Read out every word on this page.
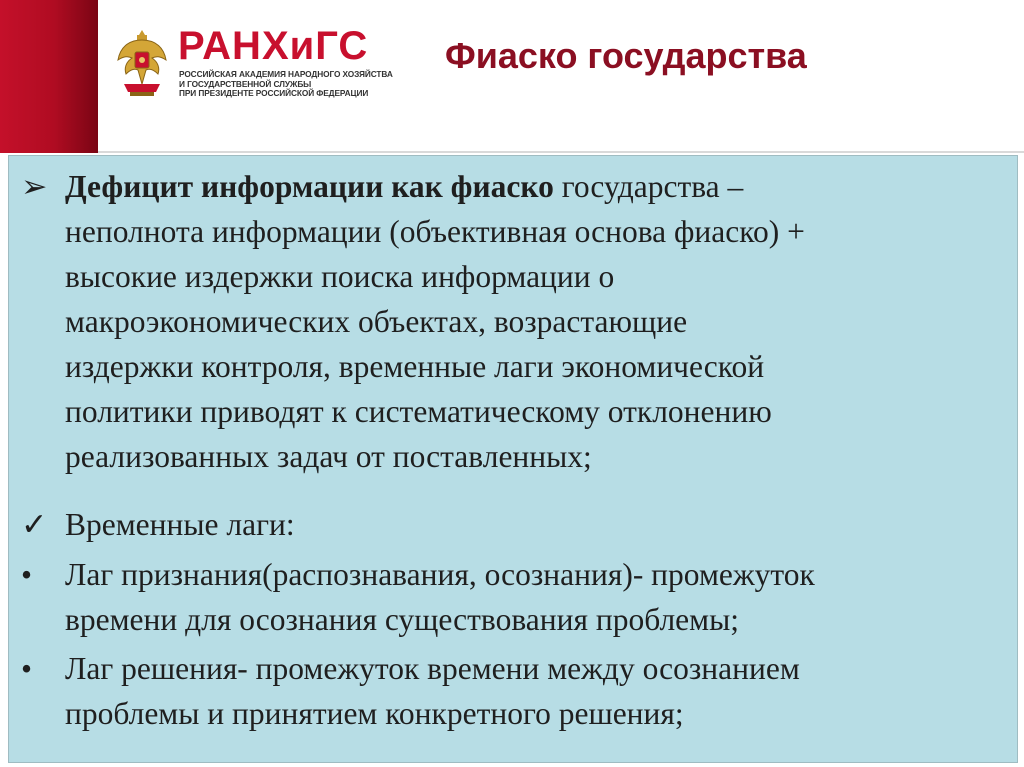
РАНХиГС
РОССИЙСКАЯ АКАДЕМИЯ НАРОДНОГО ХОЗЯЙСТВА
И ГОСУДАРСТВЕННОЙ СЛУЖБЫ
ПРИ ПРЕЗИДЕНТЕ РОССИЙСКОЙ ФЕДЕРАЦИИ
Фиаско государства
➢ Дефицит информации как фиаско государства –
неполнота информации (объективная основа фиаско) +
высокие издержки поиска информации о
макроэкономических объектах, возрастающие
издержки контроля, временные лаги экономической
политики приводят к систематическому отклонению
реализованных задач от поставленных;
✓ Временные лаги:
•	Лаг признания(распознавания, осознания)- промежуток
времени для осознания существования проблемы;
•	Лаг решения- промежуток времени между осознанием
проблемы и принятием конкретного решения;
